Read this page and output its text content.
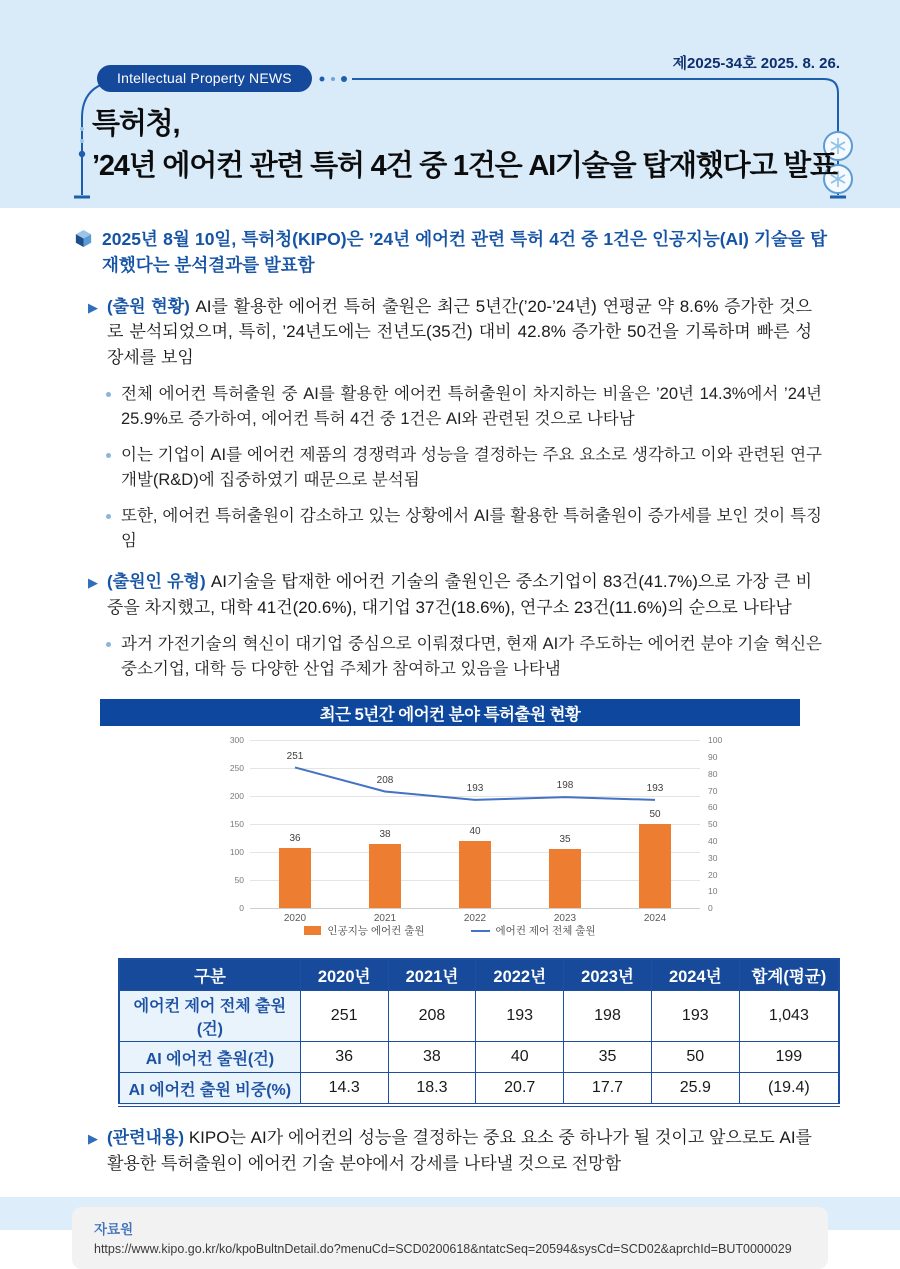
제2025-34호 2025. 8. 26.
Intellectual Property NEWS
특허청,
’24년 에어컨 관련 특허 4건 중 1건은 AI기술을 탑재했다고 발표
2025년 8월 10일, 특허청(KIPO)은 ’24년 에어컨 관련 특허 4건 중 1건은 인공지능(AI) 기술을 탑재했다는 분석결과를 발표함
▶ (출원 현황) AI를 활용한 에어컨 특허 출원은 최근 5년간(’20-’24년) 연평균 약 8.6% 증가한 것으로 분석되었으며, 특히, ’24년도에는 전년도(35건) 대비 42.8% 증가한 50건을 기록하며 빠른 성장세를 보임
전체 에어컨 특허출원 중 AI를 활용한 에어컨 특허출원이 차지하는 비율은 ’20년 14.3%에서 ’24년 25.9%로 증가하여, 에어컨 특허 4건 중 1건은 AI와 관련된 것으로 나타남
이는 기업이 AI를 에어컨 제품의 경쟁력과 성능을 결정하는 주요 요소로 생각하고 이와 관련된 연구개발(R&D)에 집중하였기 때문으로 분석됨
또한, 에어컨 특허출원이 감소하고 있는 상황에서 AI를 활용한 특허출원이 증가세를 보인 것이 특징임
▶ (출원인 유형) AI기술을 탑재한 에어컨 기술의 출원인은 중소기업이 83건(41.7%)으로 가장 큰 비중을 차지했고, 대학 41건(20.6%), 대기업 37건(18.6%), 연구소 23건(11.6%)의 순으로 나타남
과거 가전기술의 혁신이 대기업 중심으로 이뤄졌다면, 현재 AI가 주도하는 에어컨 분야 기술 혁신은 중소기업, 대학 등 다양한 산업 주체가 참여하고 있음을 나타냄
최근 5년간 에어컨 분야 특허출원 현황
36	38	40
35
50
251
208
193	198	193
인공지능 에어컨 출원	에어컨 제어 전체 출원
0
50
100
150
200
250
300
0
10
20
30
40
50
60
70
80
90
100
2020	2021	2022	2023	2024
구분	2020년	2021년	2022년	2023년	2024년	합계(평균)
에어컨 제어 전체 출원(건)	251	208	193	198	193	1,043
AI 에어컨 출원(건)	36	38	40	35	50	199
AI 에어컨 출원 비중(%)	14.3	18.3	20.7	17.7	25.9	(19.4)
▶ (관련내용) KIPO는 AI가 에어컨의 성능을 결정하는 중요 요소 중 하나가 될 것이고 앞으로도 AI를 활용한 특허출원이 에어컨 기술 분야에서 강세를 나타낼 것으로 전망함
자료원
https://www.kipo.go.kr/ko/kpoBultnDetail.do?menuCd=SCD0200618&ntatcSeq=20594&sysCd=SCD02&aprchId=BUT0000029
